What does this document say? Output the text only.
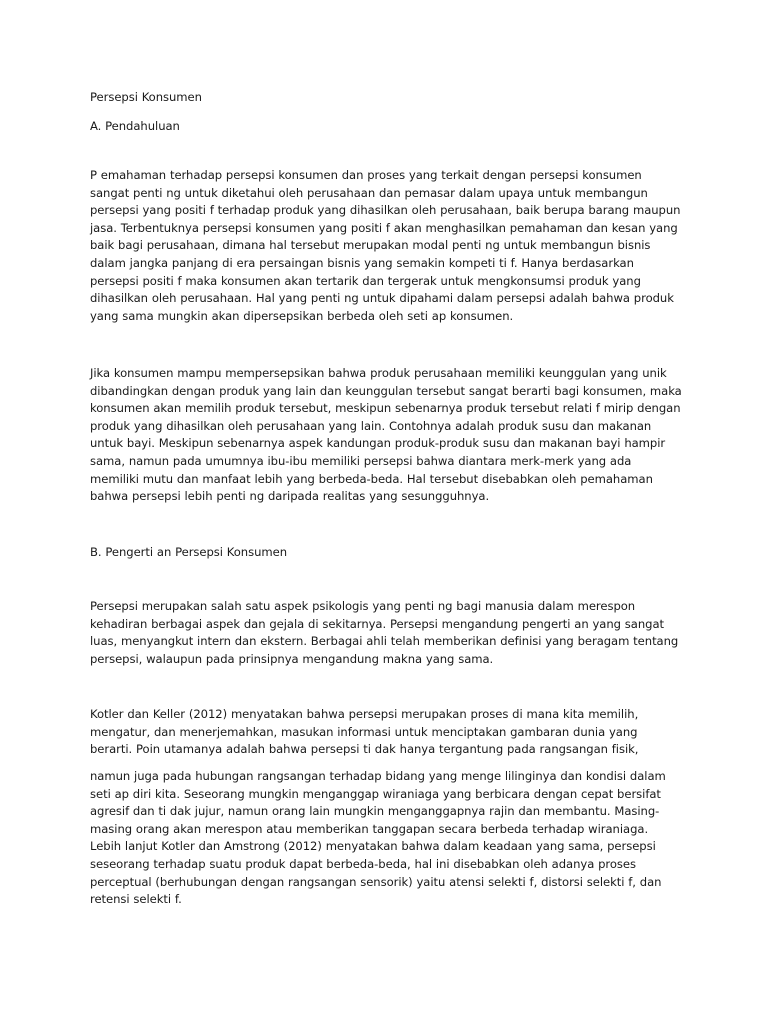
Persepsi Konsumen

A. Pendahuluan

P emahaman terhadap persepsi konsumen dan proses yang terkait dengan persepsi konsumen sangat penti ng untuk diketahui oleh perusahaan dan pemasar dalam upaya untuk membangun persepsi yang positi f terhadap produk yang dihasilkan oleh perusahaan, baik berupa barang maupun jasa. Terbentuknya persepsi konsumen yang positi f akan menghasilkan pemahaman dan kesan yang baik bagi perusahaan, dimana hal tersebut merupakan modal penti ng untuk membangun bisnis dalam jangka panjang di era persaingan bisnis yang semakin kompeti ti f. Hanya berdasarkan persepsi positi f maka konsumen akan tertarik dan tergerak untuk mengkonsumsi produk yang dihasilkan oleh perusahaan. Hal yang penti ng untuk dipahami dalam persepsi adalah bahwa produk yang sama mungkin akan dipersepsikan berbeda oleh seti ap konsumen.

Jika konsumen mampu mempersepsikan bahwa produk perusahaan memiliki keunggulan yang unik dibandingkan dengan produk yang lain dan keunggulan tersebut sangat berarti bagi konsumen, maka konsumen akan memilih produk tersebut, meskipun sebenarnya produk tersebut relati f mirip dengan produk yang dihasilkan oleh perusahaan yang lain. Contohnya adalah produk susu dan makanan untuk bayi. Meskipun sebenarnya aspek kandungan produk-produk susu dan makanan bayi hampir sama, namun pada umumnya ibu-ibu memiliki persepsi bahwa diantara merk-merk yang ada memiliki mutu dan manfaat lebih yang berbeda-beda. Hal tersebut disebabkan oleh pemahaman bahwa persepsi lebih penti ng daripada realitas yang sesungguhnya.

B. Pengerti an Persepsi Konsumen

Persepsi merupakan salah satu aspek psikologis yang penti ng bagi manusia dalam merespon kehadiran berbagai aspek dan gejala di sekitarnya. Persepsi mengandung pengerti an yang sangat luas, menyangkut intern dan ekstern. Berbagai ahli telah memberikan definisi yang beragam tentang persepsi, walaupun pada prinsipnya mengandung makna yang sama.

Kotler dan Keller (2012) menyatakan bahwa persepsi merupakan proses di mana kita memilih, mengatur, dan menerjemahkan, masukan informasi untuk menciptakan gambaran dunia yang berarti. Poin utamanya adalah bahwa persepsi ti dak hanya tergantung pada rangsangan fisik,

namun juga pada hubungan rangsangan terhadap bidang yang menge lilinginya dan kondisi dalam seti ap diri kita. Seseorang mungkin menganggap wiraniaga yang berbicara dengan cepat bersifat agresif dan ti dak jujur, namun orang lain mungkin menganggapnya rajin dan membantu. Masing-masing orang akan merespon atau memberikan tanggapan secara berbeda terhadap wiraniaga. Lebih lanjut Kotler dan Amstrong (2012) menyatakan bahwa dalam keadaan yang sama, persepsi seseorang terhadap suatu produk dapat berbeda-beda, hal ini disebabkan oleh adanya proses perceptual (berhubungan dengan rangsangan sensorik) yaitu atensi selekti f, distorsi selekti f, dan retensi selekti f.
